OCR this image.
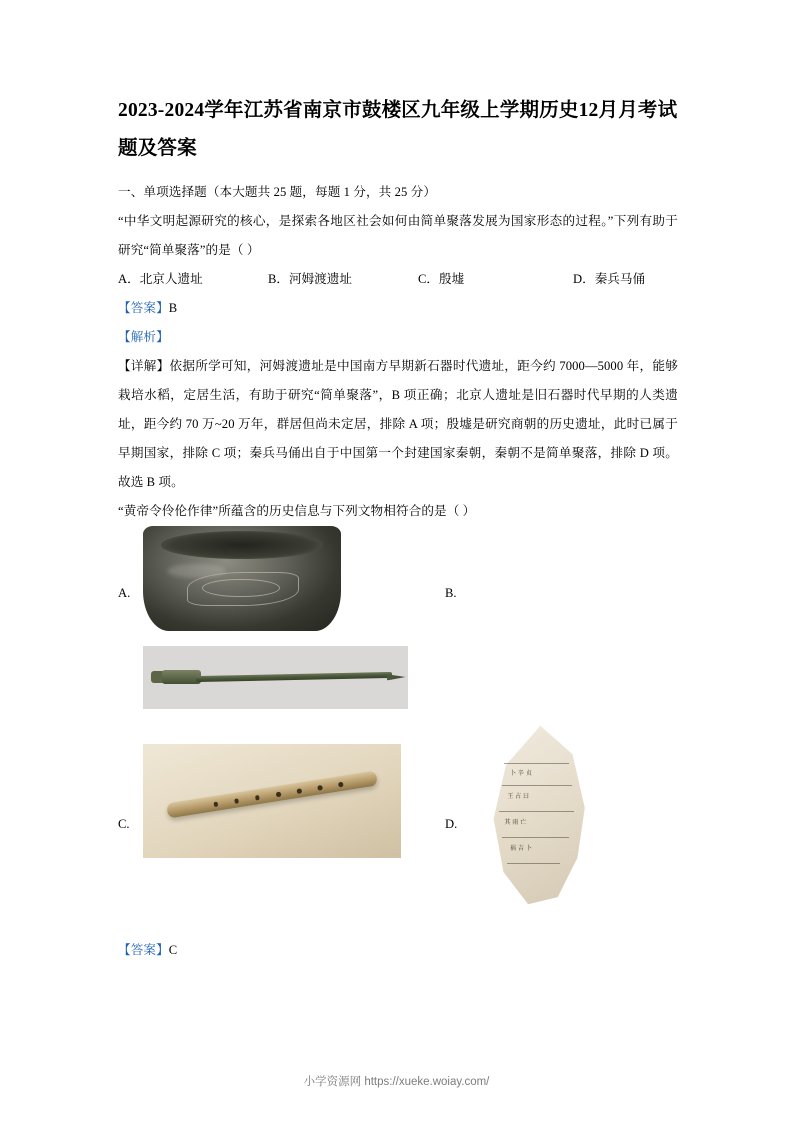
2023-2024学年江苏省南京市鼓楼区九年级上学期历史12月月考试题及答案

一、单项选择题（本大题共 25 题，每题 1 分，共 25 分）

“中华文明起源研究的核心，是探索各地区社会如何由简单聚落发展为国家形态的过程。”下列有助于研究“简单聚落”的是（ ）

A．北京人遗址	B．河姆渡遗址	C．殷墟	D．秦兵马俑

【答案】B

【解析】

【详解】依据所学可知，河姆渡遗址是中国南方早期新石器时代遗址，距今约 7000—5000 年，能够栽培水稻，定居生活，有助于研究“简单聚落”，B 项正确；北京人遗址是旧石器时代早期的人类遗址，距今约 70 万~20 万年，群居但尚未定居，排除 A 项；殷墟是研究商朝的历史遗址，此时已属于早期国家，排除 C 项；秦兵马俑出自于中国第一个封建国家秦朝，秦朝不是简单聚落，排除 D 项。故选 B 项。

“黄帝令伶伦作律”所蕴含的历史信息与下列文物相符合的是（ ）

A.	B.
C.	D.
卜 辛 贞
王 占 曰
其 雨 亡
祸 吉 卜

【答案】C

小学资源网 https://xueke.woiay.com/
